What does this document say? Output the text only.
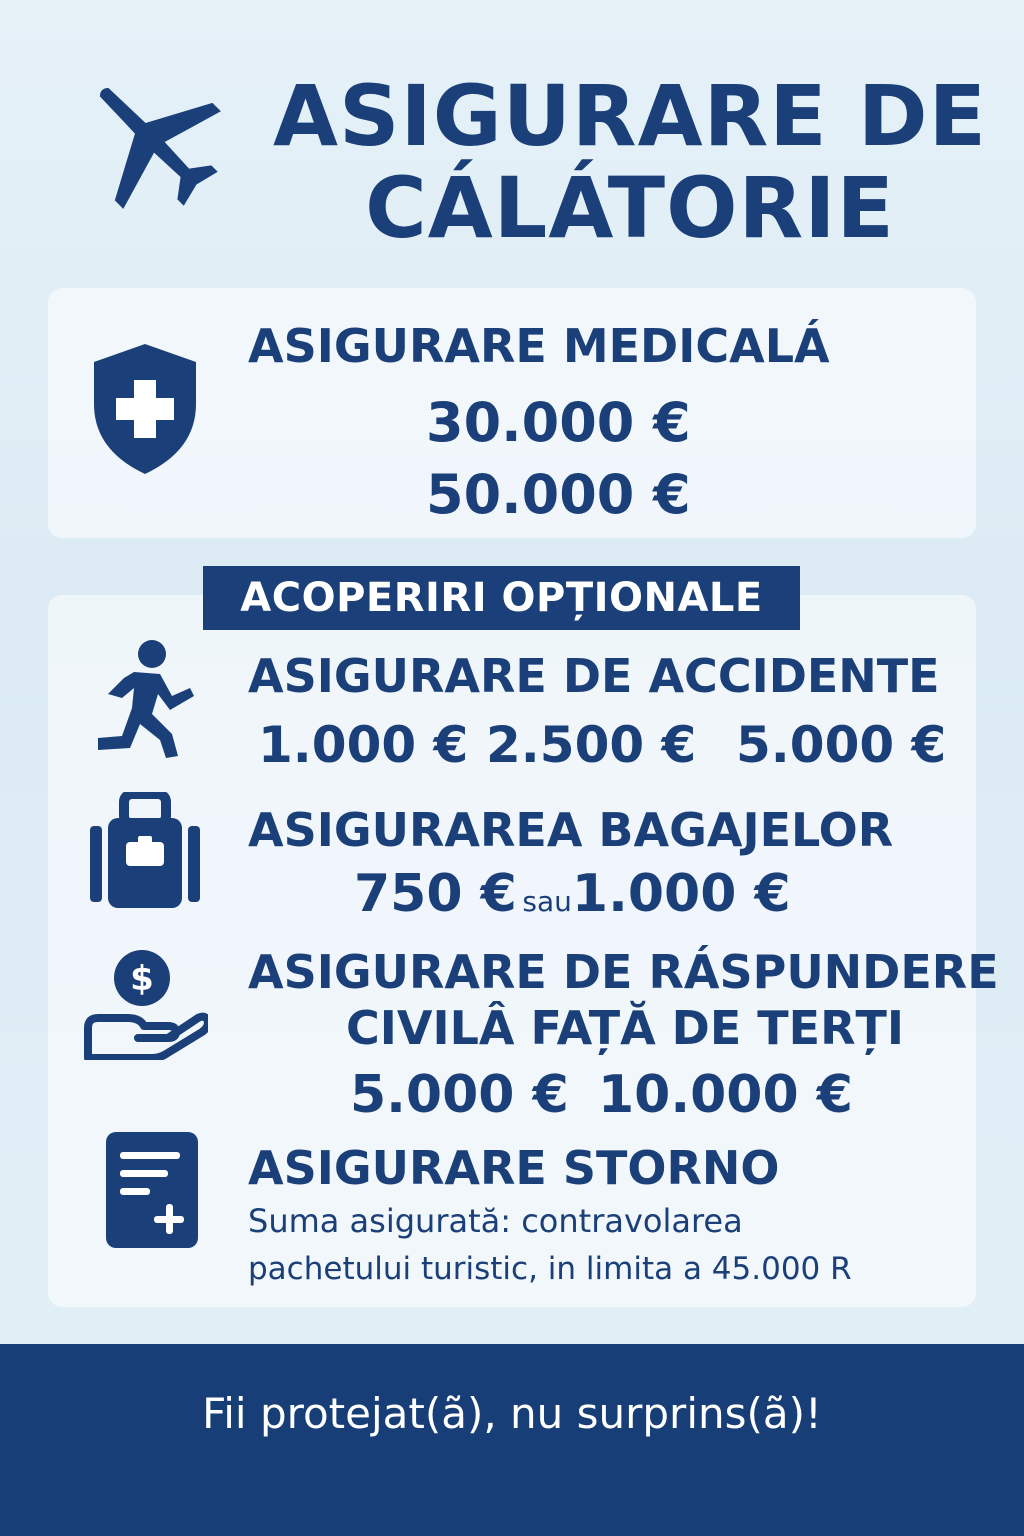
ASIGURARE DE
CÁLÁTORIE
ASIGURARE MEDICALÁ
30.000 €
50.000 €
ACOPERIRI OPȚIONALE
ASIGURARE DE ACCIDENTE
1.000 € 2.500 € 5.000 €
ASIGURAREA BAGAJELOR
750 € sau1.000 €
$ ASIGURARE DE RÁSPUNDERE
CIVILÂ FAȚĂ DE TERȚI
5.000 € 10.000 €
ASIGURARE STORNO
Suma asigurată: contravolarea
pachetului turistic, in limita a 45.000 R
Fii protejat(ã), nu surprins(ã)!
